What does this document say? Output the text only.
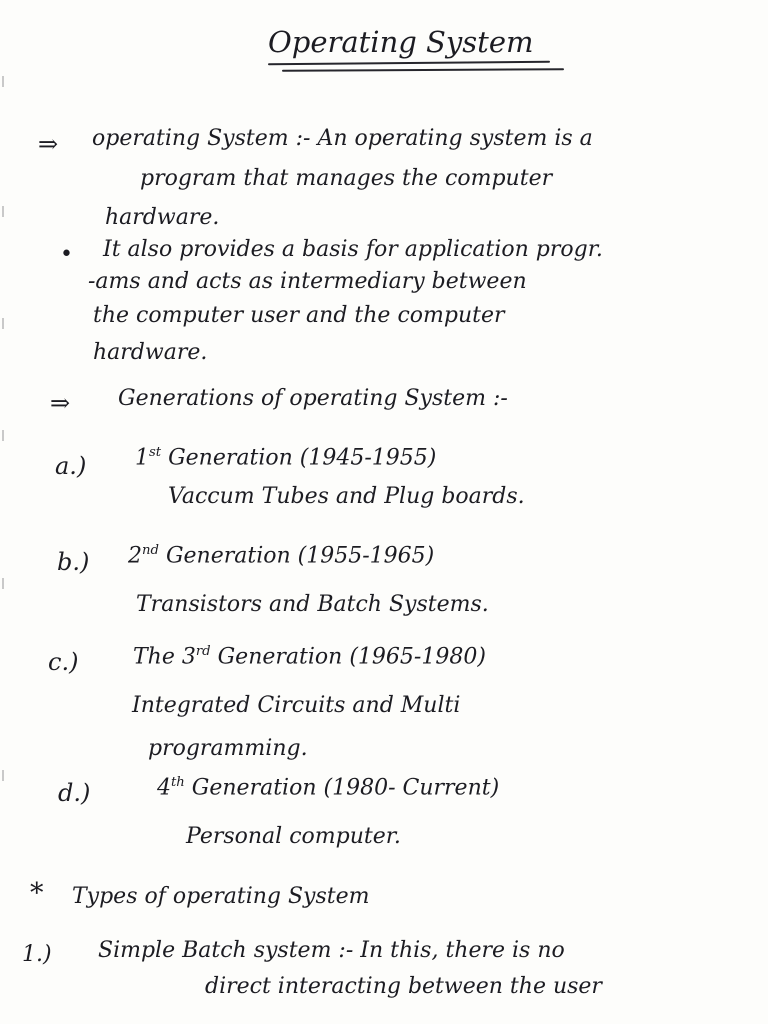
Operating System
⇒ operating System :- An operating system is a
program that manages the computer
hardware.
• It also provides a basis for application progr.
-ams and acts as intermediary between
the computer user and the computer
hardware.
⇒ Generations of operating System :-
a.) 1st Generation (1945-1955)
Vaccum Tubes and Plug boards.
b.) 2nd Generation (1955-1965)
Transistors and Batch Systems.
c.) The 3rd Generation (1965-1980)
Integrated Circuits and Multi
programming.
d.)	4th Generation (1980- Current)
Personal computer.
* Types of operating System
1.) Simple Batch system :- In this, there is no
direct interacting between the user
